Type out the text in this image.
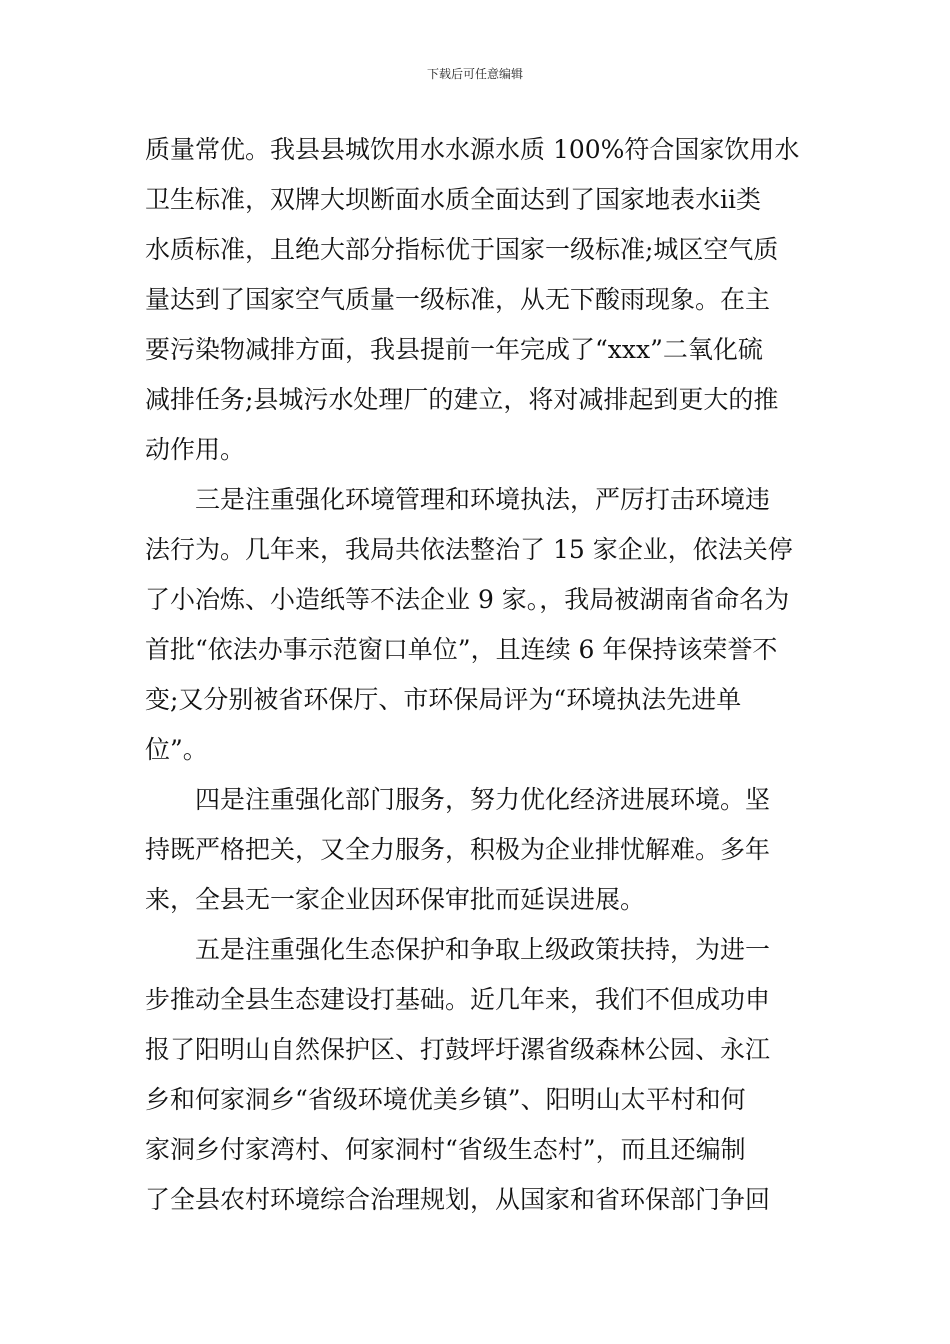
下载后可任意编辑
质量常优。我县县城饮用水水源水质 100%符合国家饮用水
卫生标准，双牌大坝断面水质全面达到了国家地表水ⅱ类
水质标准，且绝大部分指标优于国家一级标准;城区空气质
量达到了国家空气质量一级标准，从无下酸雨现象。在主
要污染物减排方面，我县提前一年完成了“xxx”二氧化硫
减排任务;县城污水处理厂的建立，将对减排起到更大的推
动作用。
三是注重强化环境管理和环境执法，严厉打击环境违
法行为。几年来，我局共依法整治了 15 家企业，依法关停
了小冶炼、小造纸等不法企业 9 家。，我局被湖南省命名为
首批“依法办事示范窗口单位”，且连续 6 年保持该荣誉不
变;又分别被省环保厅、市环保局评为“环境执法先进单
位”。
四是注重强化部门服务，努力优化经济进展环境。坚
持既严格把关，又全力服务，积极为企业排忧解难。多年
来，全县无一家企业因环保审批而延误进展。
五是注重强化生态保护和争取上级政策扶持，为进一
步推动全县生态建设打基础。近几年来，我们不但成功申
报了阳明山自然保护区、打鼓坪圩漯省级森林公园、永江
乡和何家洞乡“省级环境优美乡镇”、阳明山太平村和何
家洞乡付家湾村、何家洞村“省级生态村”，而且还编制
了全县农村环境综合治理规划，从国家和省环保部门争回
